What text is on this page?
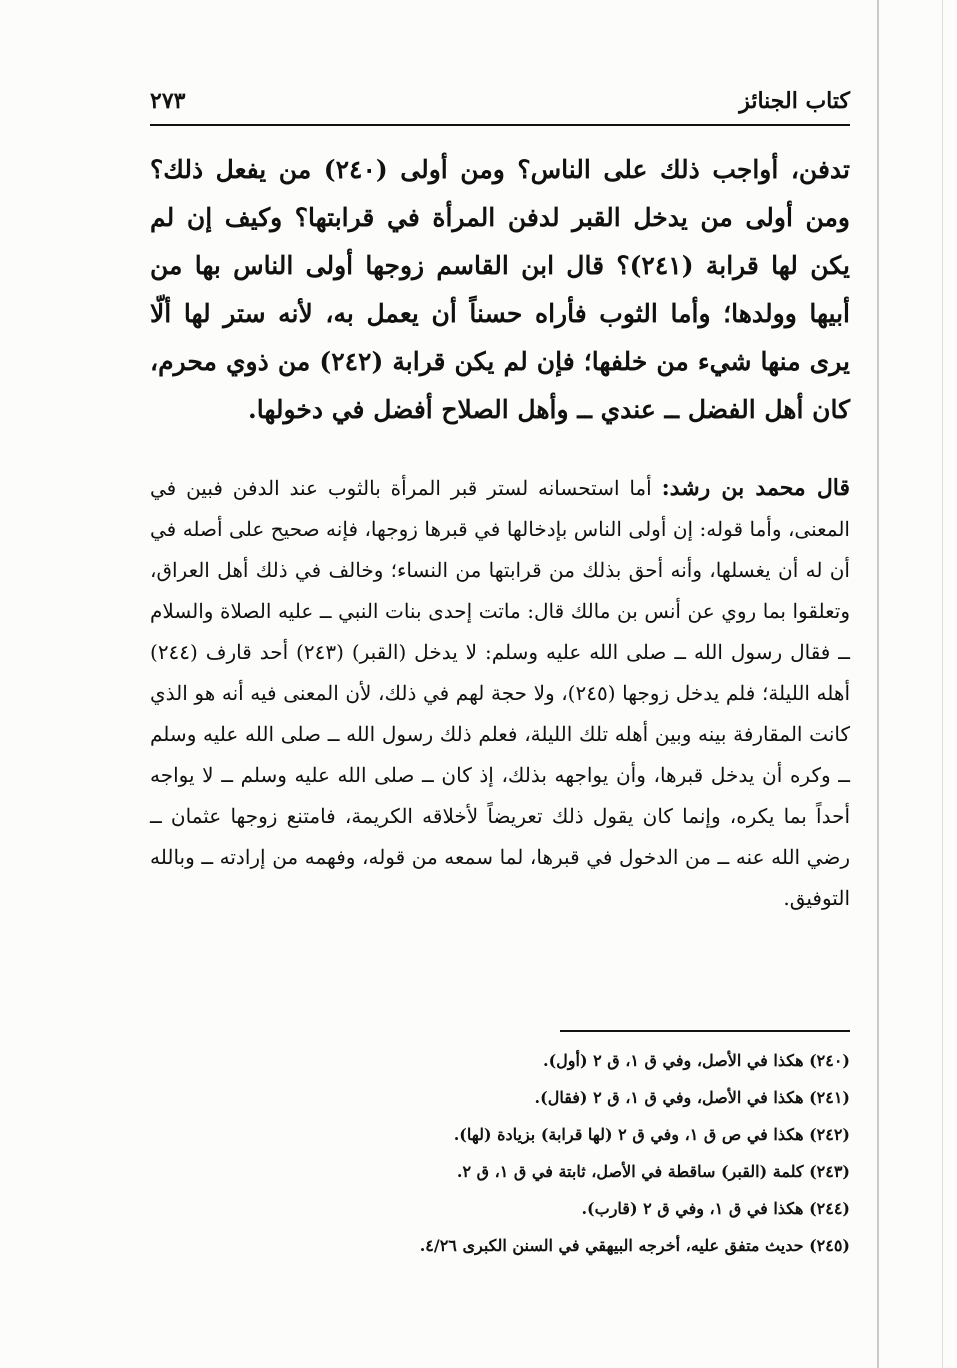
كتاب الجنائز
٢٧٣
تدفن، أواجب ذلك على الناس؟ ومن أولى (٢٤٠) من يفعل ذلك؟ ومن أولى من يدخل القبر لدفن المرأة في قرابتها؟ وكيف إن لم يكن لها قرابة (٢٤١)؟ قال ابن القاسم زوجها أولى الناس بها من أبيها وولدها؛ وأما الثوب فأراه حسناً أن يعمل به، لأنه ستر لها ألّا يرى منها شيء من خلفها؛ فإن لم يكن قرابة (٢٤٢) من ذوي محرم، كان أهل الفضل ــ عندي ــ وأهل الصلاح أفضل في دخولها.
قال محمد بن رشد: أما استحسانه لستر قبر المرأة بالثوب عند الدفن فبين في المعنى، وأما قوله: إن أولى الناس بإدخالها في قبرها زوجها، فإنه صحيح على أصله في أن له أن يغسلها، وأنه أحق بذلك من قرابتها من النساء؛ وخالف في ذلك أهل العراق، وتعلقوا بما روي عن أنس بن مالك قال: ماتت إحدى بنات النبي ــ عليه الصلاة والسلام ــ فقال رسول الله ــ صلى الله عليه وسلم: لا يدخل (القبر) (٢٤٣) أحد قارف (٢٤٤) أهله الليلة؛ فلم يدخل زوجها (٢٤٥)، ولا حجة لهم في ذلك، لأن المعنى فيه أنه هو الذي كانت المقارفة بينه وبين أهله تلك الليلة، فعلم ذلك رسول الله ــ صلى الله عليه وسلم ــ وكره أن يدخل قبرها، وأن يواجهه بذلك، إذ كان ــ صلى الله عليه وسلم ــ لا يواجه أحداً بما يكره، وإنما كان يقول ذلك تعريضاً لأخلاقه الكريمة، فامتنع زوجها عثمان ــ رضي الله عنه ــ من الدخول في قبرها، لما سمعه من قوله، وفهمه من إرادته ــ وبالله التوفيق.
(٢٤٠) هكذا في الأصل، وفي ق ١، ق ٢ (أول).
(٢٤١) هكذا في الأصل، وفي ق ١، ق ٢ (فقال).
(٢٤٢) هكذا في ص ق ١، وفي ق ٢ (لها قرابة) بزيادة (لها).
(٢٤٣) كلمة (القبر) ساقطة في الأصل، ثابتة في ق ١، ق ٢.
(٢٤٤) هكذا في ق ١، وفي ق ٢ (قارب).
(٢٤٥) حديث متفق عليه، أخرجه البيهقي في السنن الكبرى ٤/٢٦.
